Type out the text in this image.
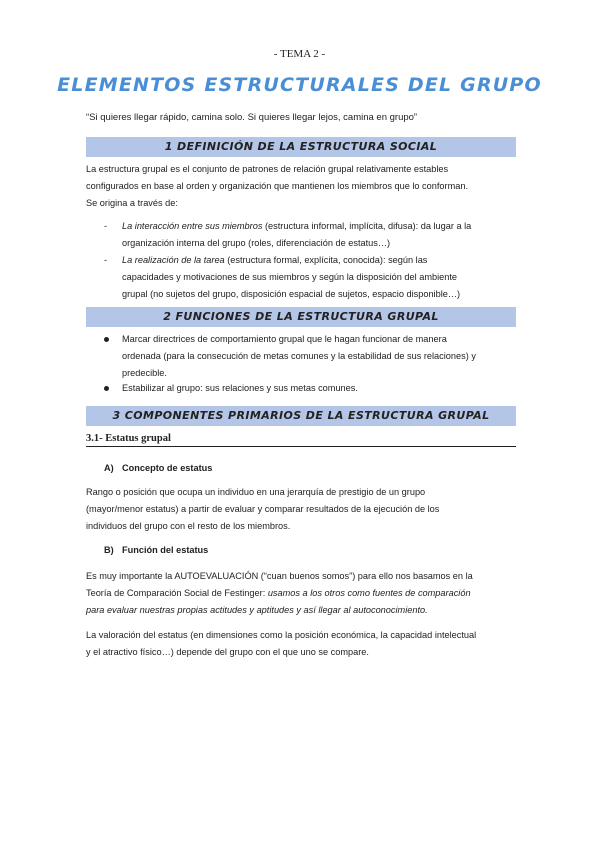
- TEMA 2 -
ELEMENTOS ESTRUCTURALES DEL GRUPO
“Si quieres llegar rápido, camina solo. Si quieres llegar lejos, camina en grupo”
1 DEFINICIÓN DE LA ESTRUCTURA SOCIAL
La estructura grupal es el conjunto de patrones de relación grupal relativamente estables
configurados en base al orden y organización que mantienen los miembros que lo conforman.
Se origina a través de:
- La interacción entre sus miembros (estructura informal, implícita, difusa): da lugar a la
organización interna del grupo (roles, diferenciación de estatus…)
- La realización de la tarea (estructura formal, explícita, conocida): según las
capacidades y motivaciones de sus miembros y según la disposición del ambiente
grupal (no sujetos del grupo, disposición espacial de sujetos, espacio disponible…)
2 FUNCIONES DE LA ESTRUCTURA GRUPAL
Marcar directrices de comportamiento grupal que le hagan funcionar de manera
ordenada (para la consecución de metas comunes y la estabilidad de sus relaciones) y
predecible.
Estabilizar al grupo: sus relaciones y sus metas comunes.
3 COMPONENTES PRIMARIOS DE LA ESTRUCTURA GRUPAL
3.1- Estatus grupal
A) Concepto de estatus
Rango o posición que ocupa un individuo en una jerarquía de prestigio de un grupo
(mayor/menor estatus) a partir de evaluar y comparar resultados de la ejecución de los
individuos del grupo con el resto de los miembros.
B) Función del estatus
Es muy importante la AUTOEVALUACIÓN (“cuan buenos somos”) para ello nos basamos en la
Teoría de Comparación Social de Festinger: usamos a los otros como fuentes de comparación
para evaluar nuestras propias actitudes y aptitudes y así llegar al autoconocimiento.
La valoración del estatus (en dimensiones como la posición económica, la capacidad intelectual
y el atractivo físico…) depende del grupo con el que uno se compare.
